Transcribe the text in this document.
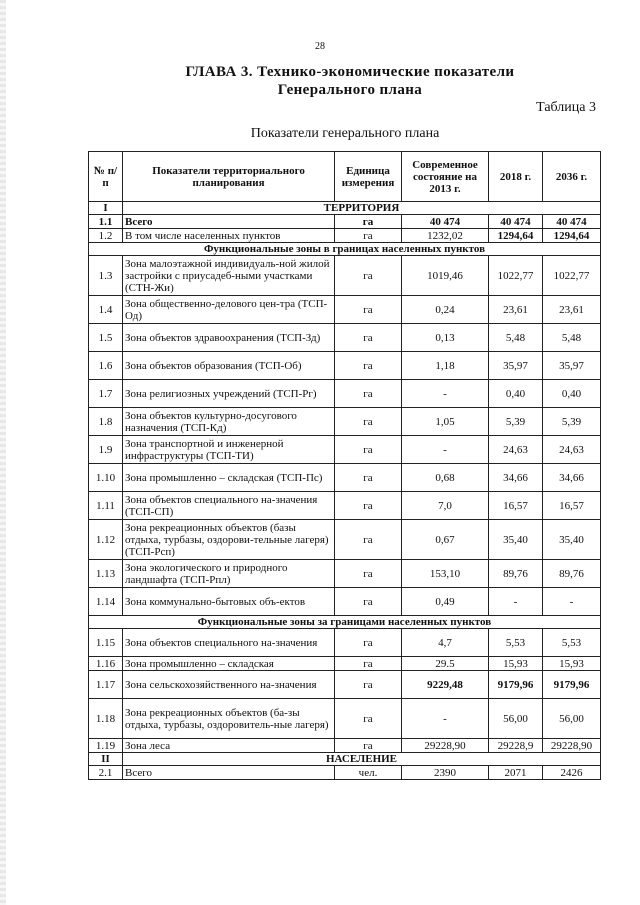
28
ГЛАВА 3. Технико-экономические показатели
Генерального плана
Таблица 3
Показатели генерального плана
№ п/п	Показатели территориального планирования	Единица измерения	Современное состояние на 2013 г.	2018 г.	2036 г.
I	ТЕРРИТОРИЯ				
1.1	Всего	га	40 474	40 474	40 474
1.2	В том числе населенных пунктов	га	1232,02	1294,64	1294,64
Функциональные зоны в границах населенных пунктов					
1.3	Зона малоэтажной индивидуаль-ной жилой застройки с приусадеб-ными участками (СТН-Жи)	га	1019,46	1022,77	1022,77
1.4	Зона общественно-делового цен-тра (ТСП-Од)	га	0,24	23,61	23,61
1.5	Зона объектов здравоохранения (ТСП-Зд)	га	0,13	5,48	5,48
1.6	Зона объектов образования (ТСП-Об)	га	1,18	35,97	35,97
1.7	Зона религиозных учреждений (ТСП-Рг)	га	-	0,40	0,40
1.8	Зона объектов культурно-досугового назначения (ТСП-Кд)	га	1,05	5,39	5,39
1.9	Зона транспортной и инженерной инфраструктуры (ТСП-ТИ)	га	-	24,63	24,63
1.10	Зона промышленно – складская (ТСП-Пс)	га	0,68	34,66	34,66
1.11	Зона объектов специального на-значения (ТСП-СП)	га	7,0	16,57	16,57
1.12	Зона рекреационных объектов (базы отдыха, турбазы, оздорови-тельные лагеря) (ТСП-Рсп)	га	0,67	35,40	35,40
1.13	Зона экологического и природного ландшафта (ТСП-Рпл)	га	153,10	89,76	89,76
1.14	Зона коммунально-бытовых объ-ектов	га	0,49	-	-
Функциональные зоны за границами населенных пунктов					
1.15	Зона объектов специального на-значения	га	4,7	5,53	5,53
1.16	Зона промышленно – складская	га	29.5	15,93	15,93
1.17	Зона сельскохозяйственного на-значения	га	9229,48	9179,96	9179,96
1.18	Зона рекреационных объектов (ба-зы отдыха, турбазы, оздоровитель-ные лагеря)	га	-	56,00	56,00
1.19	Зона леса	га	29228,90	29228,9	29228,90
II	НАСЕЛЕНИЕ				
2.1	Всего	чел.	2390	2071	2426
